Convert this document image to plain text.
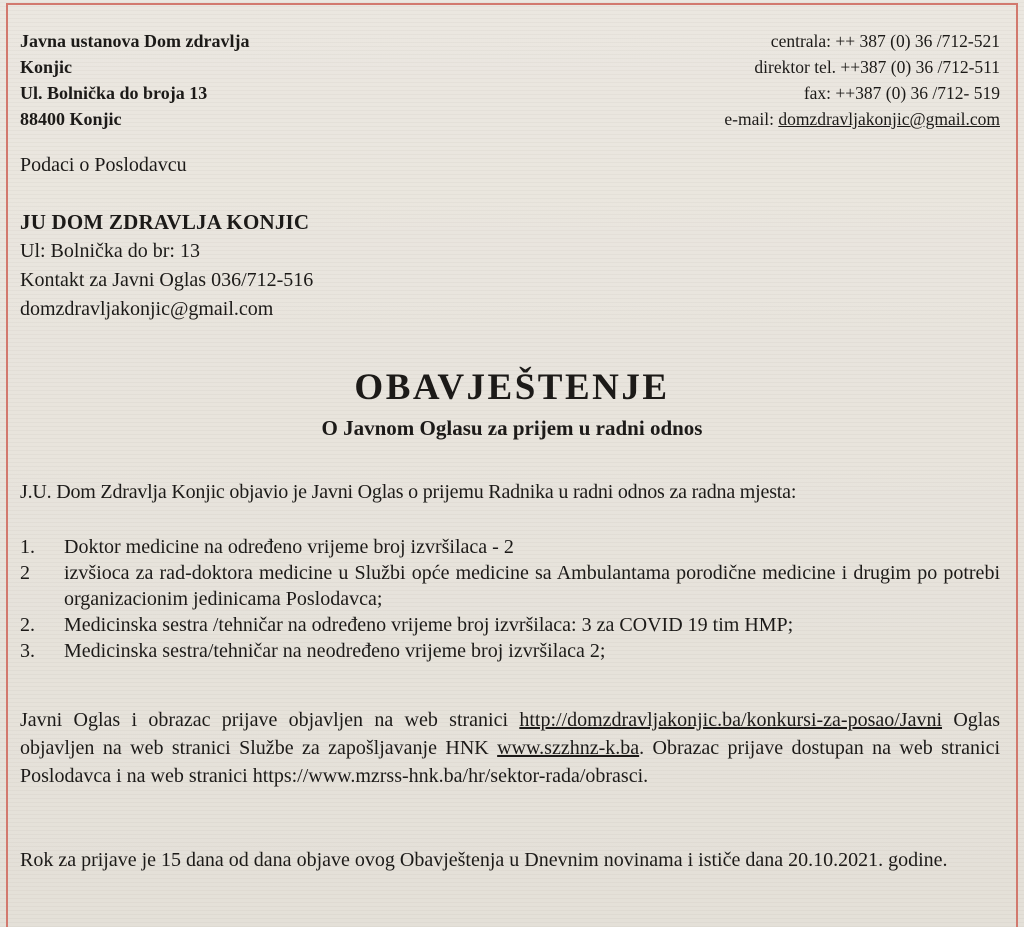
Javna ustanova Dom zdravlja
Konjic
Ul. Bolnička do broja 13
88400 Konjic
centrala: ++ 387 (0) 36 /712-521
direktor tel. ++387 (0) 36 /712-511
fax: ++387 (0) 36 /712- 519
e-mail: domzdravljakonjic@gmail.com
Podaci o Poslodavcu
JU DOM ZDRAVLJA KONJIC
Ul: Bolnička do br: 13
Kontakt za Javni Oglas 036/712-516
domzdravljakonjic@gmail.com
OBAVJEŠTENJE
O Javnom Oglasu za prijem u radni odnos
J.U. Dom Zdravlja Konjic objavio je Javni Oglas o prijemu Radnika u radni odnos za radna mjesta:
1.	Doktor medicine na određeno vrijeme broj izvršilaca - 2
2	izvšioca za rad-doktora medicine u Službi opće medicine sa Ambulantama porodične medicine i drugim po potrebi organizacionim jedinicama Poslodavca;
2.	Medicinska sestra /tehničar na određeno vrijeme broj izvršilaca: 3 za COVID 19 tim HMP;
3.	Medicinska sestra/tehničar na neodređeno vrijeme broj izvršilaca 2;
Javni Oglas i obrazac prijave objavljen na web stranici http://domzdravljakonjic.ba/konkursi-za-posao/Javni Oglas objavljen na web stranici Službe za zapošljavanje HNK www.szzhnz-k.ba. Obrazac prijave dostupan na web stranici Poslodavca i na web stranici https://www.mzrss-hnk.ba/hr/sektor-rada/obrasci.
Rok za prijave je 15 dana od dana objave ovog Obavještenja u Dnevnim novinama i ističe dana 20.10.2021. godine.
